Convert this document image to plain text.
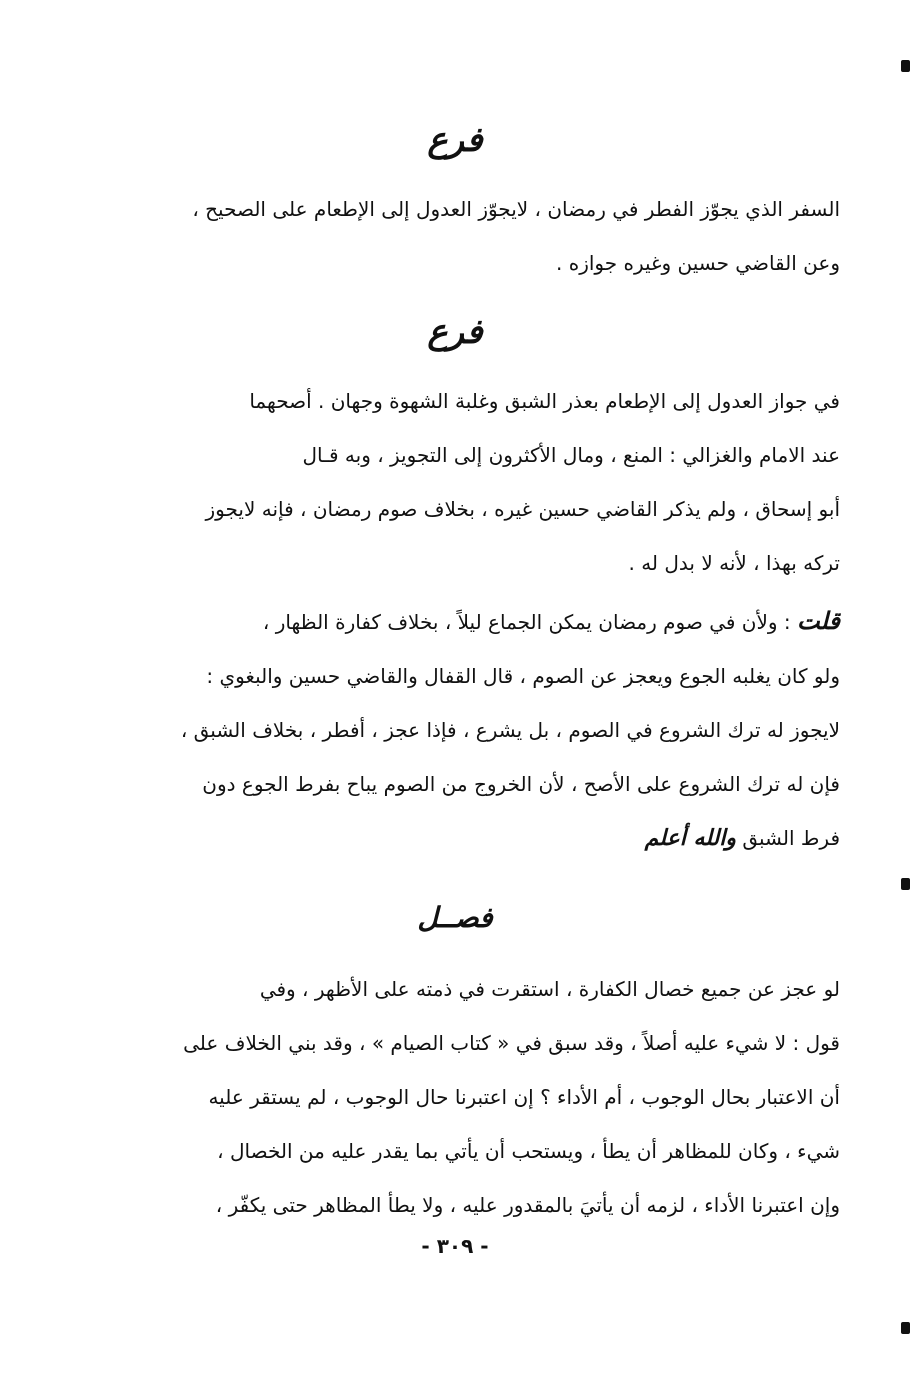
فرع
السفر الذي يجوّز الفطر في رمضان ، لايجوّز العدول إلى الإطعام على الصحيح ،
وعن القاضي حسين وغيره جوازه .
فرع
في جواز العدول إلى الإطعام بعذر الشبق وغلبة الشهوة وجهان . أصحهما
عند الامام والغزالي : المنع ، ومال الأكثرون إلى التجويز ، وبه قـال
أبو إسحاق ، ولم يذكر القاضي حسين غيره ، بخلاف صوم رمضان ، فإنه لايجوز
تركه بهذا ، لأنه لا بدل له .
قلت : ولأن في صوم رمضان يمكن الجماع ليلاً ، بخلاف كفارة الظهار ،
ولو كان يغلبه الجوع ويعجز عن الصوم ، قال القفال والقاضي حسين والبغوي :
لايجوز له ترك الشروع في الصوم ، بل يشرع ، فإذا عجز ، أفطر ، بخلاف الشبق ،
فإن له ترك الشروع على الأصح ، لأن الخروج من الصوم يباح بفرط الجوع دون
فرط الشبق والله أعلم
فصــل
لو عجز عن جميع خصال الكفارة ، استقرت في ذمته على الأظهر ، وفي
قول : لا شيء عليه أصلاً ، وقد سبق في « كتاب الصيام » ، وقد بني الخلاف على
أن الاعتبار بحال الوجوب ، أم الأداء ؟ إن اعتبرنا حال الوجوب ، لم يستقر عليه
شيء ، وكان للمظاهر أن يطأ ، ويستحب أن يأتي بما يقدر عليه من الخصال ،
وإن اعتبرنا الأداء ، لزمه أن يأتيَ بالمقدور عليه ، ولا يطأ المظاهر حتى يكفّر ،
- ٣٠٩ -
